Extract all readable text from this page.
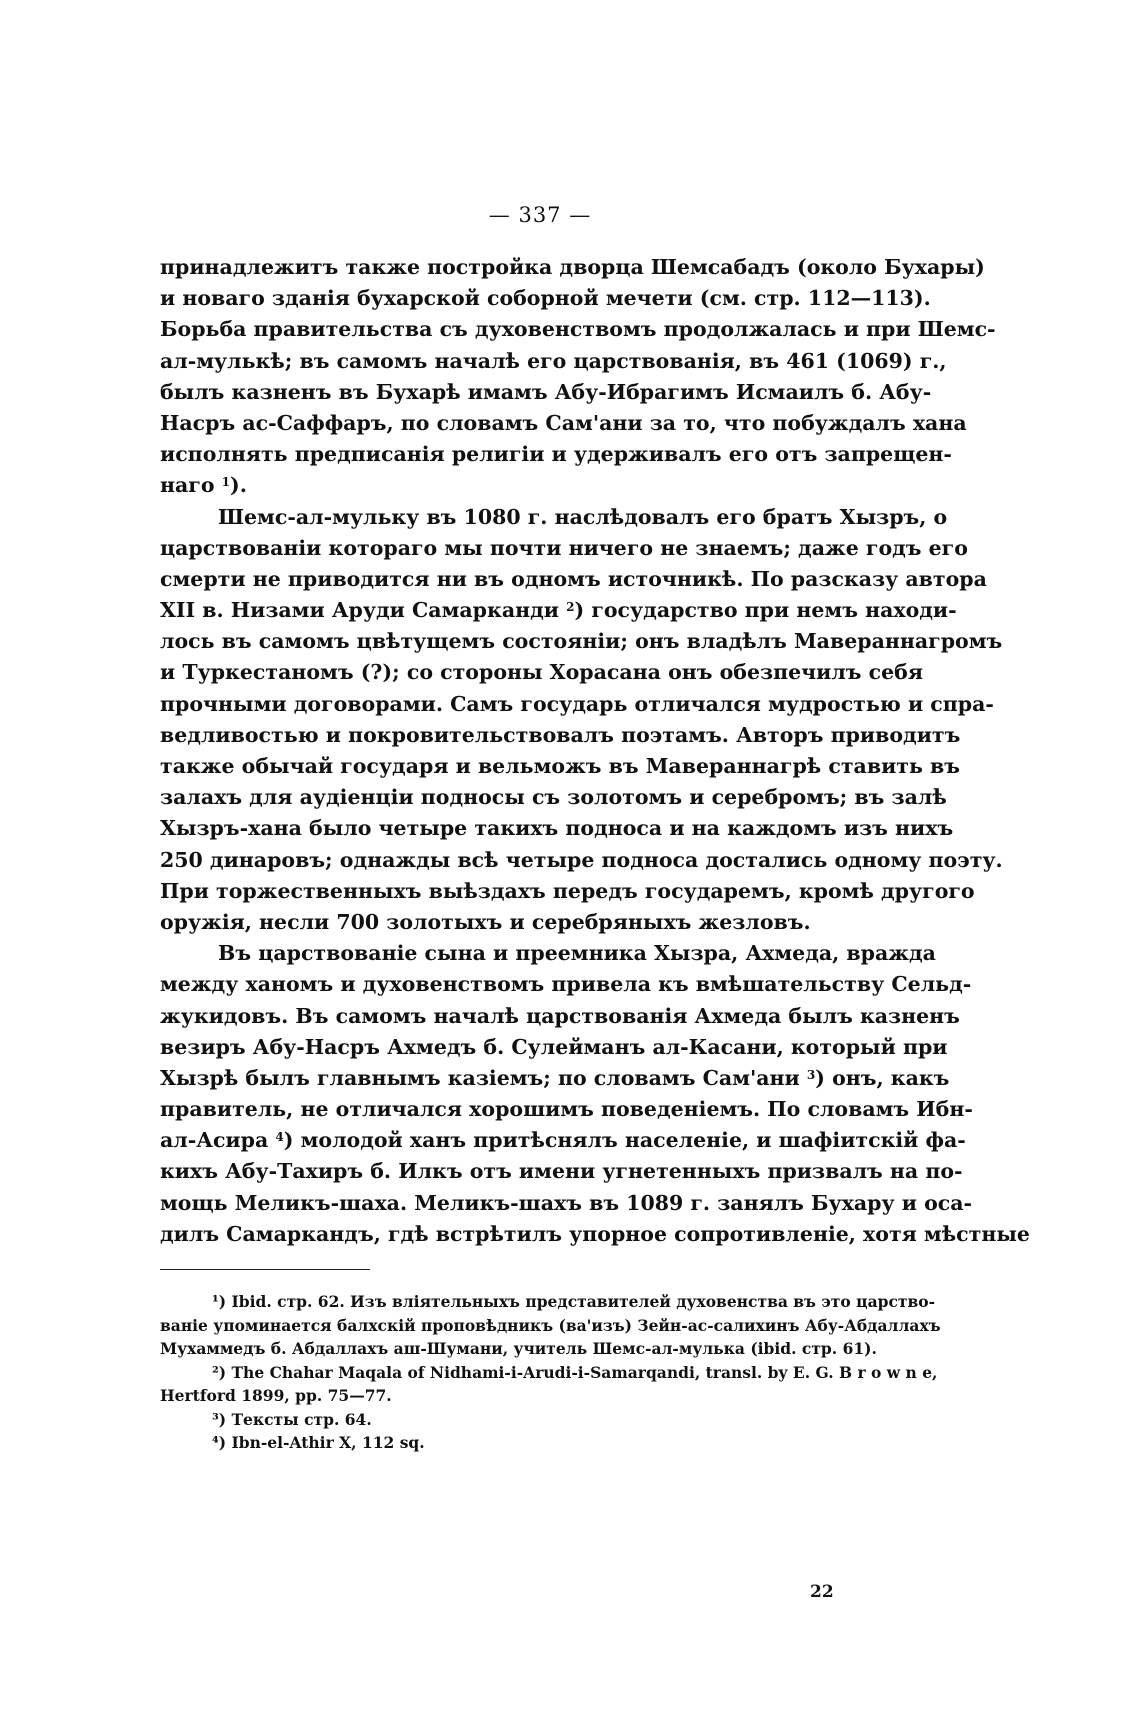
— 337 —
принадлежитъ также постройка дворца Шемсабадъ (около Бухары)
и новаго зданія бухарской соборной мечети (см. стр. 112—113).
Борьба правительства съ духовенствомъ продолжалась и при Шемс-
ал-мулькѣ; въ самомъ началѣ его царствованія, въ 461 (1069) г.,
былъ казненъ въ Бухарѣ имамъ Абу-Ибрагимъ Исмаилъ б. Абу-
Насръ ас-Саффаръ, по словамъ Сам'ани за то, что побуждалъ хана
исполнять предписанія религіи и удерживалъ его отъ запрещен-
наго $^1$).
Шемс-ал-мульку въ 1080 г. наслѣдовалъ его братъ Хызръ, о
царствованіи котораго мы почти ничего не знаемъ; даже годъ его
смерти не приводится ни въ одномъ источникѣ. По разсказу автора
XII в. Низами Аруди Самарканди $^2$) государство при немъ находи-
лось въ самомъ цвѣтущемъ состояніи; онъ владѣлъ Мавераннагромъ
и Туркестаномъ (?); со стороны Хорасана онъ обезпечилъ себя
прочными договорами. Самъ государь отличался мудростью и спра-
ведливостью и покровительствовалъ поэтамъ. Авторъ приводитъ
также обычай государя и вельможъ въ Мавераннагрѣ ставить въ
залахъ для аудіенціи подносы съ золотомъ и серебромъ; въ залѣ
Хызръ-хана было четыре такихъ подноса и на каждомъ изъ нихъ
250 динаровъ; однажды всѣ четыре подноса достались одному поэту.
При торжественныхъ выѣздахъ передъ государемъ, кромѣ другого
оружія, несли 700 золотыхъ и серебряныхъ жезловъ.
Въ царствованіе сына и преемника Хызра, Ахмеда, вражда
между ханомъ и духовенствомъ привела къ вмѣшательству Сельд-
жукидовъ. Въ самомъ началѣ царствованія Ахмеда былъ казненъ
везиръ Абу-Насръ Ахмедъ б. Сулейманъ ал-Касани, который при
Хызрѣ былъ главнымъ казіемъ; по словамъ Сам'ани $^3$) онъ, какъ
правитель, не отличался хорошимъ поведеніемъ. По словамъ Ибн-
ал-Асира $^4$) молодой ханъ притѣснялъ населеніе, и шафіитскій фа-
кихъ Абу-Тахиръ б. Илкъ отъ имени угнетенныхъ призвалъ на по-
мощь Меликъ-шаха. Меликъ-шахъ въ 1089 г. занялъ Бухару и оса-
дилъ Самаркандъ, гдѣ встрѣтилъ упорное сопротивленіе, хотя мѣстные
¹) Ibid. стр. 62. Изъ вліятельныхъ представителей духовенства въ это царство-
ваніе упоминается балхскій проповѣдникъ (ва'изъ) Зейн-ас-салихинъ Абу-Абдаллахъ
Мухаммедъ б. Абдаллахъ аш-Шумани, учитель Шемс-ал-мулька (ibid. стр. 61).
²) The Chahar Maqala of Nidhami-i-Arudi-i-Samarqandi, transl. by E. G. B r o w n e,
Hertford 1899, pp. 75—77.
³) Тексты стр. 64.
⁴) Ibn-el-Athir X, 112 sq.
22
